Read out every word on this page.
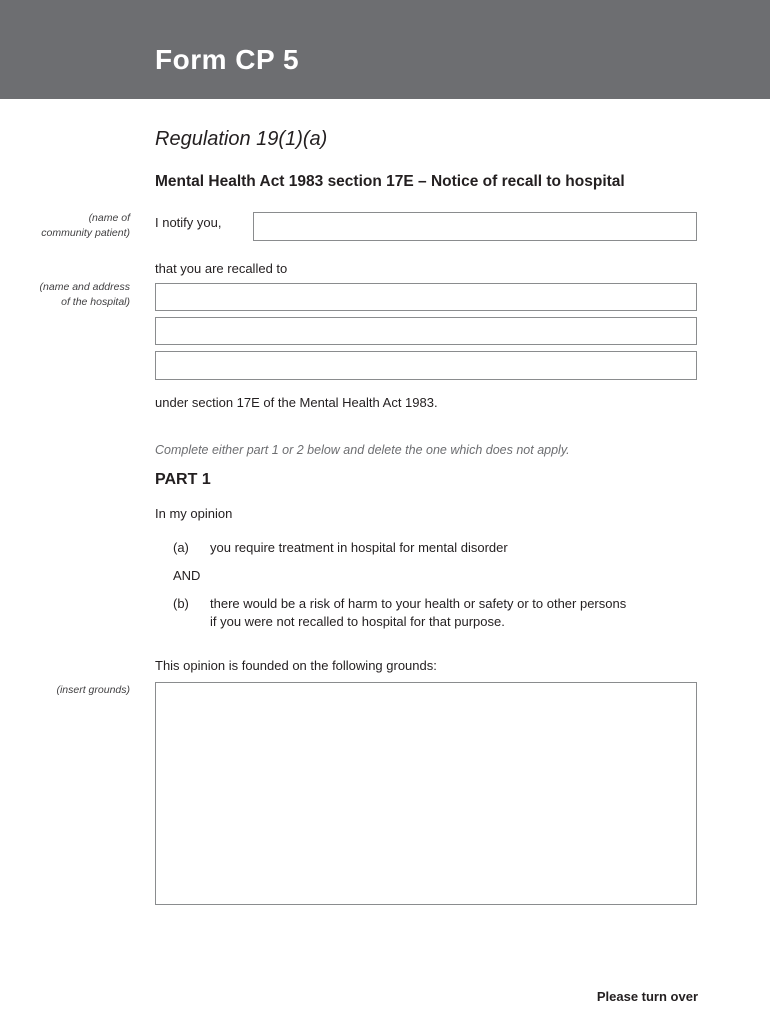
Form CP 5
Regulation 19(1)(a)
Mental Health Act 1983 section 17E – Notice of recall to hospital
(name of
community patient)
I notify you,
that you are recalled to
(name and address
of the hospital)
under section 17E of the Mental Health Act 1983.
Complete either part 1 or 2 below and delete the one which does not apply.
PART 1
In my opinion
(a) you require treatment in hospital for mental disorder
AND
(b) there would be a risk of harm to your health or safety or to other persons
if you were not recalled to hospital for that purpose.
This opinion is founded on the following grounds:
(insert grounds)
Please turn over
